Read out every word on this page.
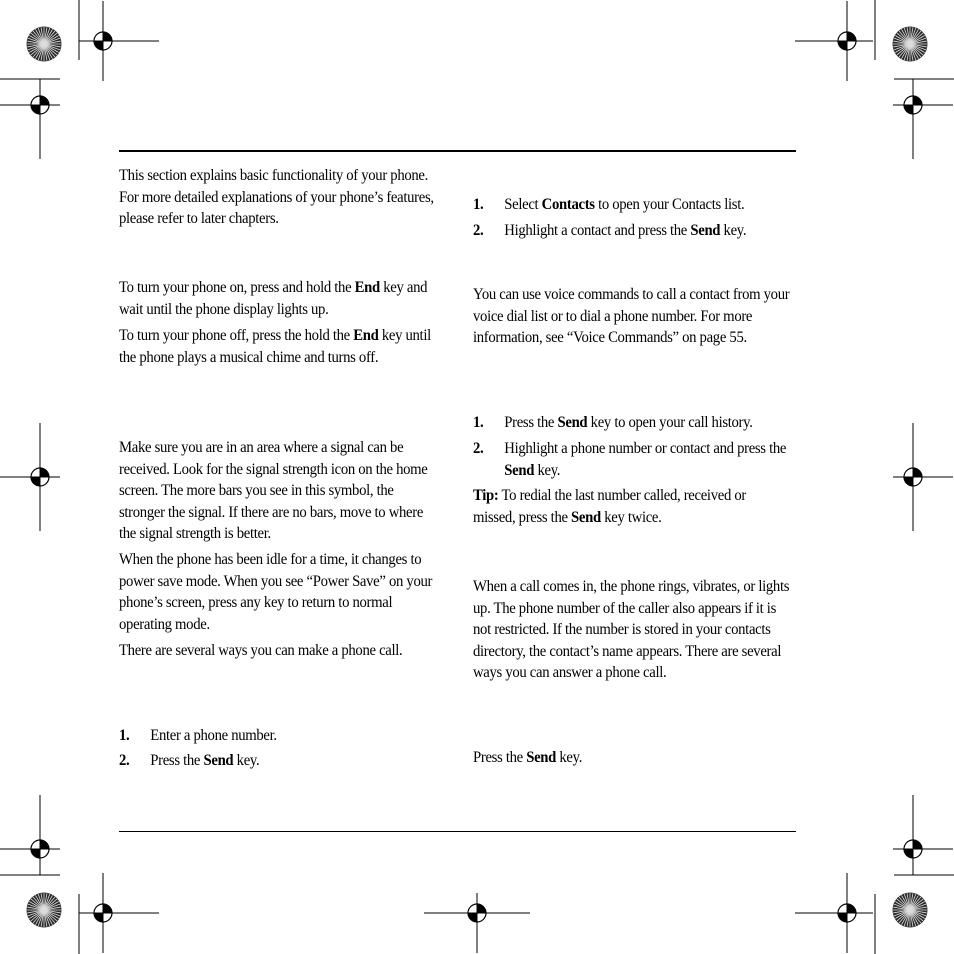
This section explains basic functionality of your phone. For more detailed explanations of your phone’s features, please refer to later chapters.
To turn your phone on, press and hold the End key and wait until the phone display lights up.
To turn your phone off, press the hold the End key until the phone plays a musical chime and turns off.
Make sure you are in an area where a signal can be received. Look for the signal strength icon on the home screen. The more bars you see in this symbol, the stronger the signal. If there are no bars, move to where the signal strength is better.
When the phone has been idle for a time, it changes to power save mode. When you see “Power Save” on your phone’s screen, press any key to return to normal operating mode.
There are several ways you can make a phone call.
1.	Enter a phone number.
2.	Press the Send key.
1.	Select Contacts to open your Contacts list.
2.	Highlight a contact and press the Send key.
You can use voice commands to call a contact from your voice dial list or to dial a phone number. For more information, see “Voice Commands” on page 55.
1.	Press the Send key to open your call history.
2.	Highlight a phone number or contact and press the Send key.
Tip: To redial the last number called, received or missed, press the Send key twice.
When a call comes in, the phone rings, vibrates, or lights up. The phone number of the caller also appears if it is not restricted. If the number is stored in your contacts directory, the contact’s name appears. There are several ways you can answer a phone call.
Press the Send key.
